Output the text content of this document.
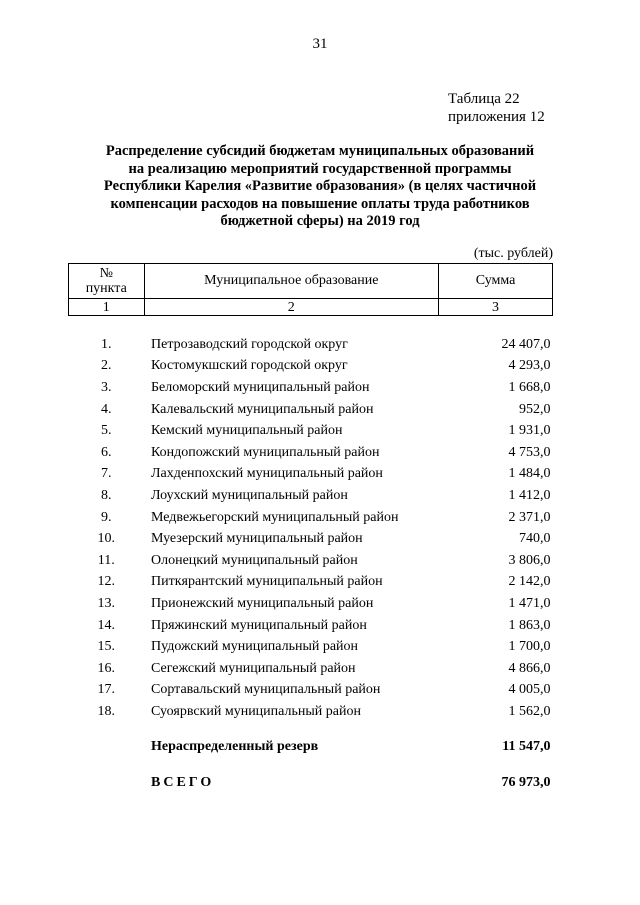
31
Таблица 22
приложения 12
Распределение субсидий бюджетам муниципальных образований
на реализацию мероприятий государственной программы
Республики Карелия «Развитие образования» (в целях частичной
компенсации расходов на повышение оплаты труда работников
бюджетной сферы) на 2019 год
(тыс. рублей)
№
пункта	Муниципальное образование	Сумма
1	2	3

1.	Петрозаводский городской округ	24 407,0
2.	Костомукшский городской округ	4 293,0
3.	Беломорский муниципальный район	1 668,0
4.	Калевальский муниципальный район	952,0
5.	Кемский муниципальный район	1 931,0
6.	Кондопожский муниципальный район	4 753,0
7.	Лахденпохский муниципальный район	1 484,0
8.	Лоухский муниципальный район	1 412,0
9.	Медвежьегорский муниципальный район	2 371,0
10.	Муезерский муниципальный район	740,0
11.	Олонецкий муниципальный район	3 806,0
12.	Питкярантский муниципальный район	2 142,0
13.	Прионежский муниципальный район	1 471,0
14.	Пряжинский муниципальный район	1 863,0
15.	Пудожский муниципальный район	1 700,0
16.	Сегежский муниципальный район	4 866,0
17.	Сортавальский муниципальный район	4 005,0
18.	Суоярвский муниципальный район	1 562,0

	Нераспределенный резерв	11 547,0

	ВСЕГО	76 973,0
